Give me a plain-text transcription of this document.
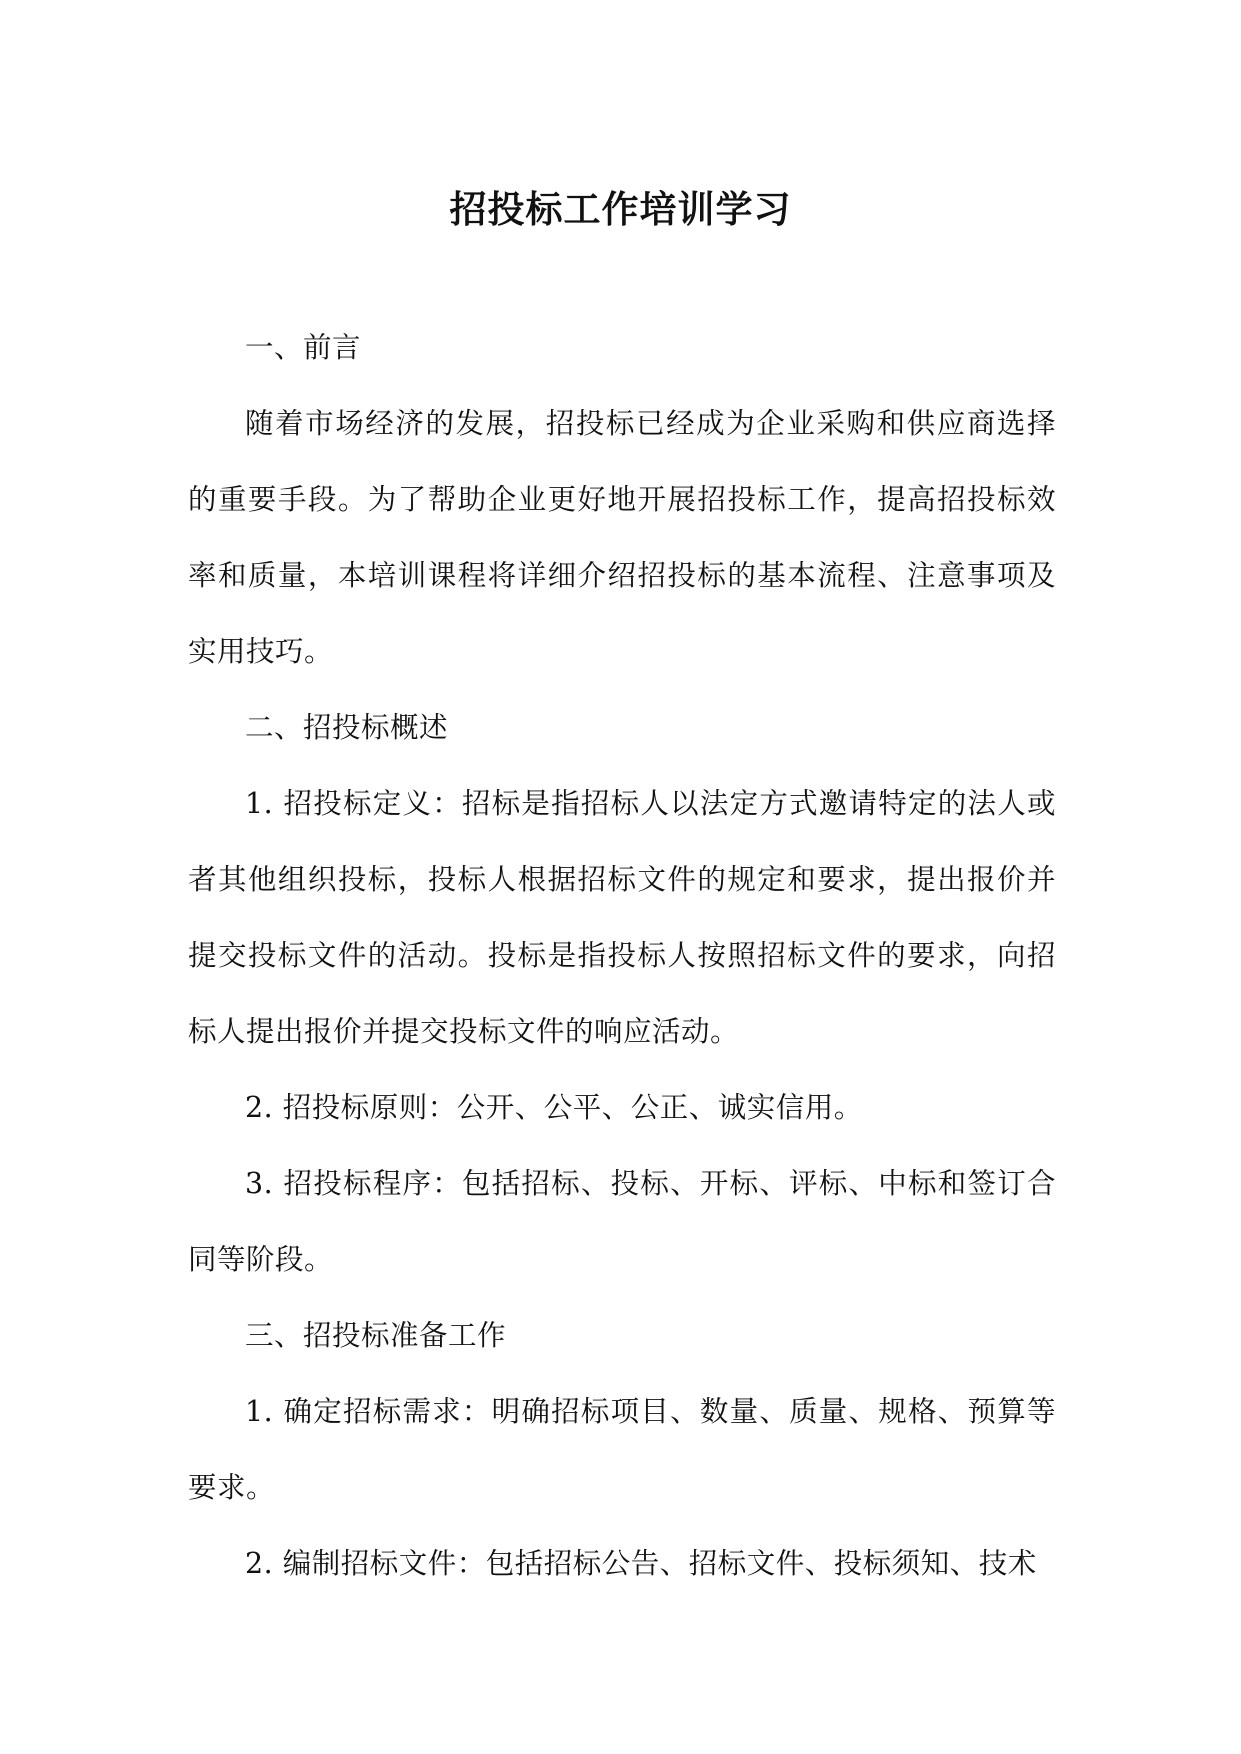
招投标工作培训学习

一、前言

随着市场经济的发展，招投标已经成为企业采购和供应商选择的重要手段。为了帮助企业更好地开展招投标工作，提高招投标效率和质量，本培训课程将详细介绍招投标的基本流程、注意事项及实用技巧。

二、招投标概述

1. 招投标定义：招标是指招标人以法定方式邀请特定的法人或者其他组织投标，投标人根据招标文件的规定和要求，提出报价并提交投标文件的活动。投标是指投标人按照招标文件的要求，向招标人提出报价并提交投标文件的响应活动。

2. 招投标原则：公开、公平、公正、诚实信用。

3. 招投标程序：包括招标、投标、开标、评标、中标和签订合同等阶段。

三、招投标准备工作

1. 确定招标需求：明确招标项目、数量、质量、规格、预算等要求。

2. 编制招标文件：包括招标公告、招标文件、投标须知、技术
